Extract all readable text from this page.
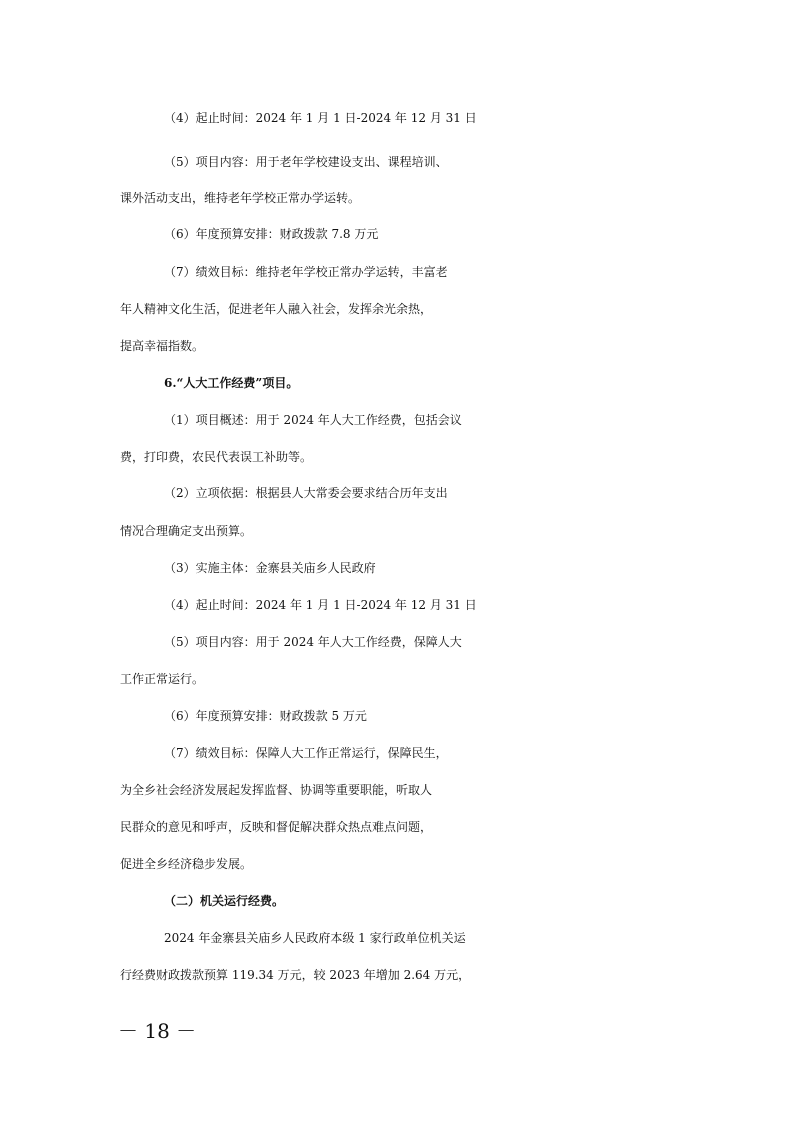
（4）起止时间：2024 年 1 月 1 日-2024 年 12 月 31 日
（5）项目内容：用于老年学校建设支出、课程培训、
课外活动支出，维持老年学校正常办学运转。
（6）年度预算安排：财政拨款 7.8 万元
（7）绩效目标：维持老年学校正常办学运转，丰富老
年人精神文化生活，促进老年人融入社会，发挥余光余热，
提高幸福指数。
6.“人大工作经费”项目。
（1）项目概述：用于 2024 年人大工作经费，包括会议
费，打印费，农民代表误工补助等。
（2）立项依据：根据县人大常委会要求结合历年支出
情况合理确定支出预算。
（3）实施主体：金寨县关庙乡人民政府
（4）起止时间：2024 年 1 月 1 日-2024 年 12 月 31 日
（5）项目内容：用于 2024 年人大工作经费，保障人大
工作正常运行。
（6）年度预算安排：财政拨款 5 万元
（7）绩效目标：保障人大工作正常运行，保障民生，
为全乡社会经济发展起发挥监督、协调等重要职能，听取人
民群众的意见和呼声，反映和督促解决群众热点难点问题，
促进全乡经济稳步发展。
（二）机关运行经费。
2024 年金寨县关庙乡人民政府本级 1 家行政单位机关运
行经费财政拨款预算 119.34 万元，较 2023 年增加 2.64 万元，
－ 18 －
